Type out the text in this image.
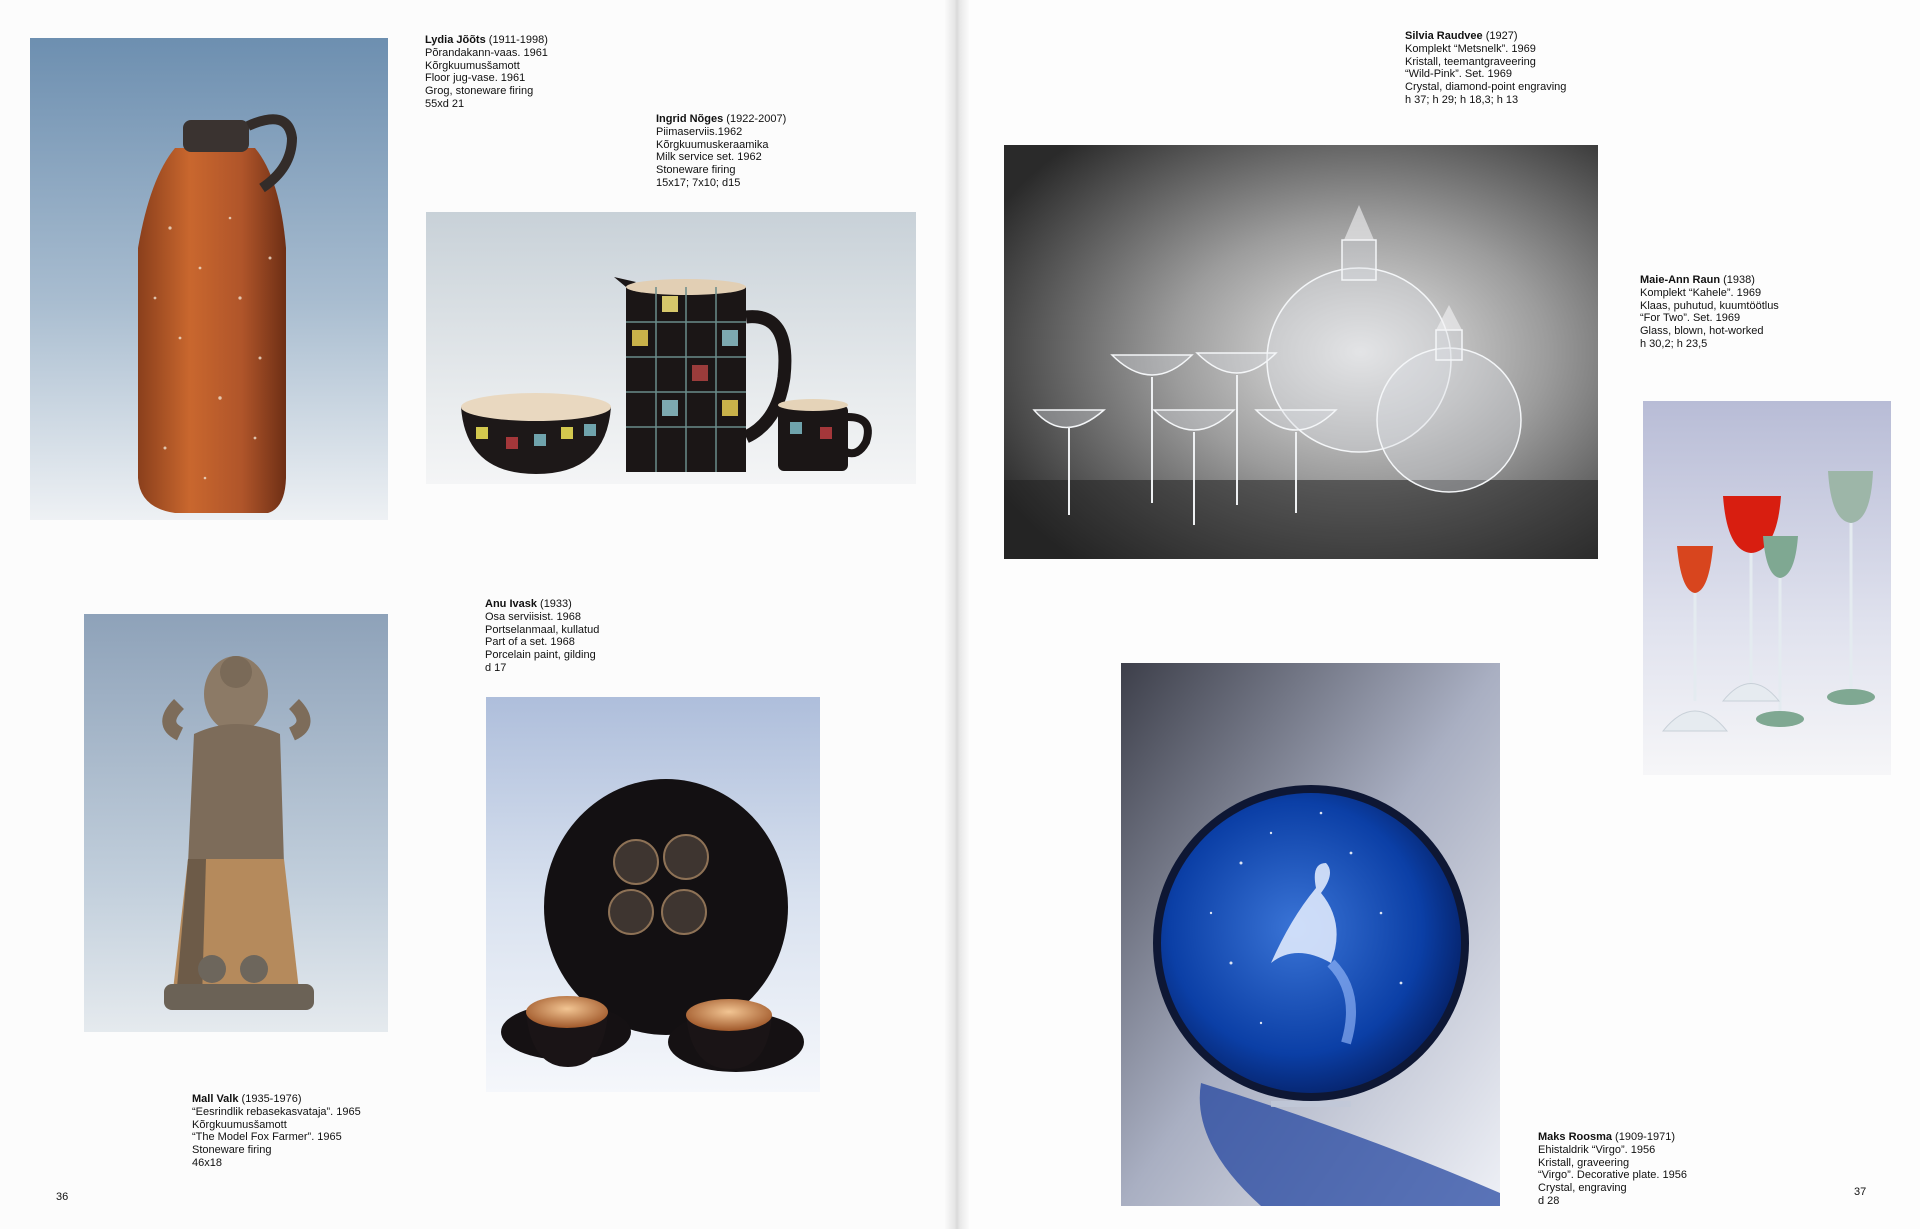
Lydia Jõõts (1911-1998)
Põrandakann-vaas. 1961
Kõrgkuumusšamott
Floor jug-vase. 1961
Grog, stoneware firing
55xd 21
Ingrid Nõges (1922-2007)
Piimaserviis.1962
Kõrgkuumuskeraamika
Milk service set. 1962
Stoneware firing
15x17; 7x10; d15
Anu Ivask (1933)
Osa serviisist. 1968
Portselanmaal, kullatud
Part of a set. 1968
Porcelain paint, gilding
d 17
Mall Valk (1935-1976)
“Eesrindlik rebasekasvataja”. 1965
Kõrgkuumusšamott
“The Model Fox Farmer”. 1965
Stoneware firing
46x18
Silvia Raudvee (1927)
Komplekt “Metsnelk”. 1969
Kristall, teemantgraveering
“Wild-Pink”. Set. 1969
Crystal, diamond-point engraving
h 37; h 29; h 18,3; h 13
Maie-Ann Raun (1938)
Komplekt “Kahele”. 1969
Klaas, puhutud, kuumtöötlus
“For Two”. Set. 1969
Glass, blown, hot-worked
h 30,2; h 23,5
Maks Roosma (1909-1971)
Ehistaldrik “Virgo”. 1956
Kristall, graveering
“Virgo”. Decorative plate. 1956
Crystal, engraving
d 28
36	37
